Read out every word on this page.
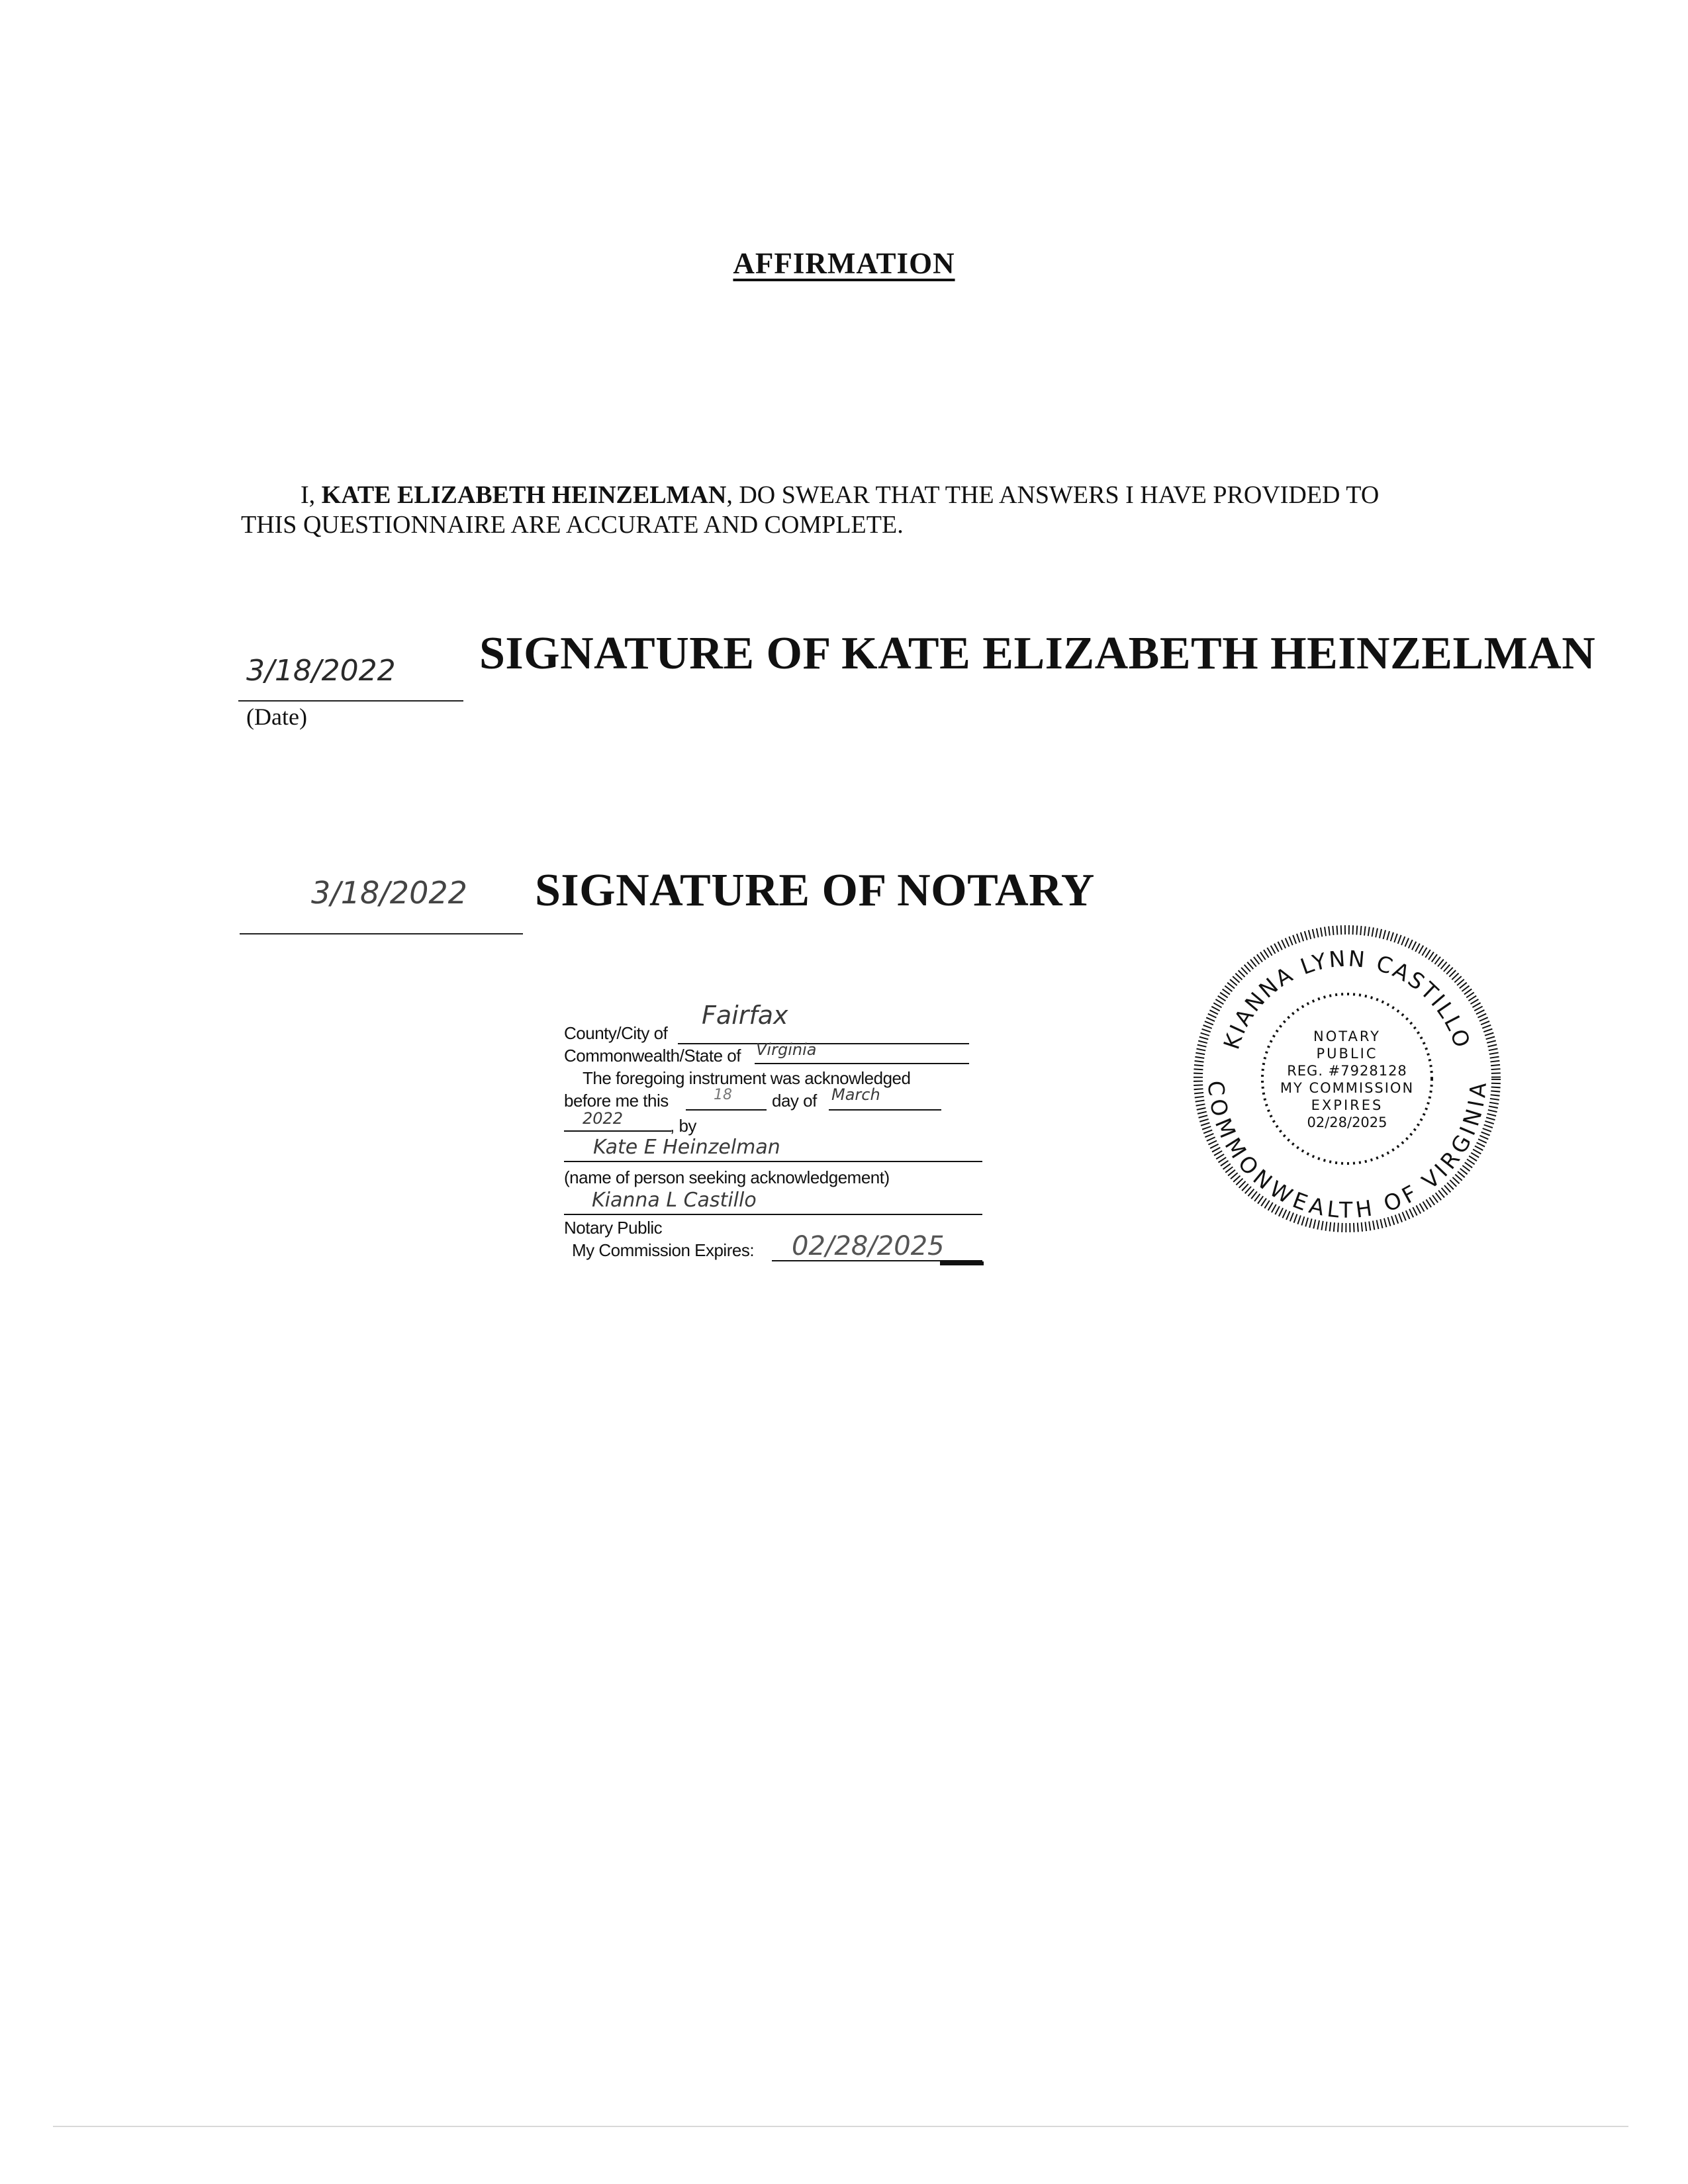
AFFIRMATION
I, KATE ELIZABETH HEINZELMAN, DO SWEAR THAT THE ANSWERS I HAVE PROVIDED TO
THIS QUESTIONNAIRE ARE ACCURATE AND COMPLETE.
3/18/2022
(Date)
SIGNATURE OF KATE ELIZABETH HEINZELMAN
3/18/2022 SIGNATURE OF NOTARY
County/City of
Fairfax
Commonwealth/State of Virginia
The foregoing instrument was acknowledged
before me this	18 day of March
2022	, by
Kate E Heinzelman
(name of person seeking acknowledgement)
Kianna L Castillo
Notary Public
My Commission Expires: 02/28/2025
KIANNA LYNN CASTILLO
COMMONWEALTH OF VIRGINIA
NOTARY
PUBLIC
REG. #7928128
MY COMMISSION
EXPIRES
02/28/2025
